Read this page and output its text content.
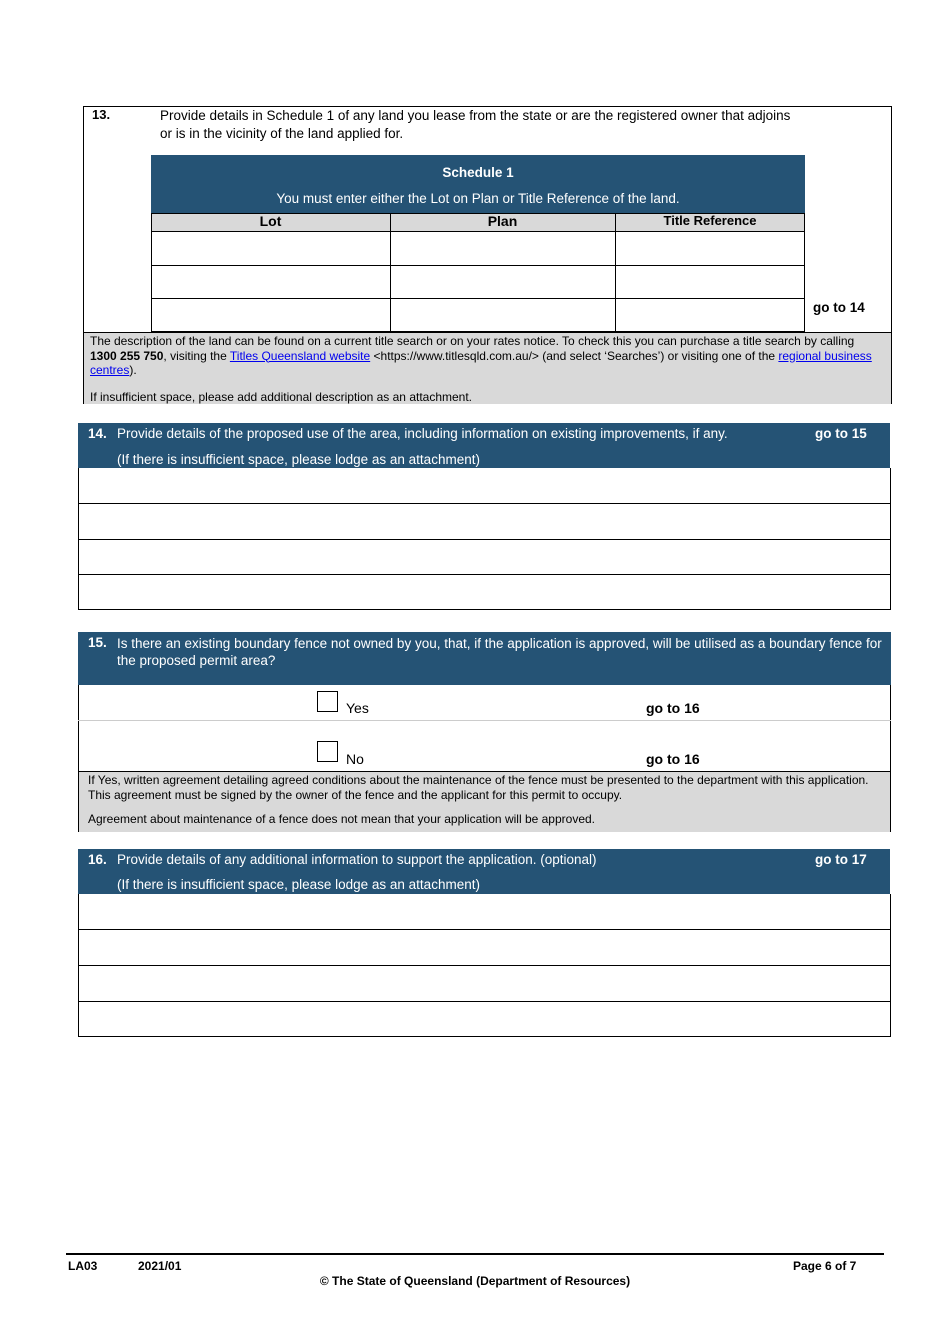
13.	Provide details in Schedule 1 of any land you lease from the state or are the registered owner that adjoins or is in the vicinity of the land applied for.
Schedule 1
You must enter either the Lot on Plan or Title Reference of the land.
Lot	Plan	Title Reference
go to 14
The description of the land can be found on a current title search or on your rates notice. To check this you can purchase a title search by calling 1300 255 750, visiting the Titles Queensland website <https://www.titlesqld.com.au/> (and select ‘Searches’) or visiting one of the regional business centres).
If insufficient space, please add additional description as an attachment.
14. Provide details of the proposed use of the area, including information on existing improvements, if any.	go to 15
(If there is insufficient space, please lodge as an attachment)
15. Is there an existing boundary fence not owned by you, that, if the application is approved, will be utilised as a boundary fence for the proposed permit area?
Yes	go to 16
No	go to 16
If Yes, written agreement detailing agreed conditions about the maintenance of the fence must be presented to the department with this application. This agreement must be signed by the owner of the fence and the applicant for this permit to occupy.
Agreement about maintenance of a fence does not mean that your application will be approved.
16. Provide details of any additional information to support the application. (optional)	go to 17
(If there is insufficient space, please lodge as an attachment)
LA03	2021/01	Page 6 of 7
© The State of Queensland (Department of Resources)
